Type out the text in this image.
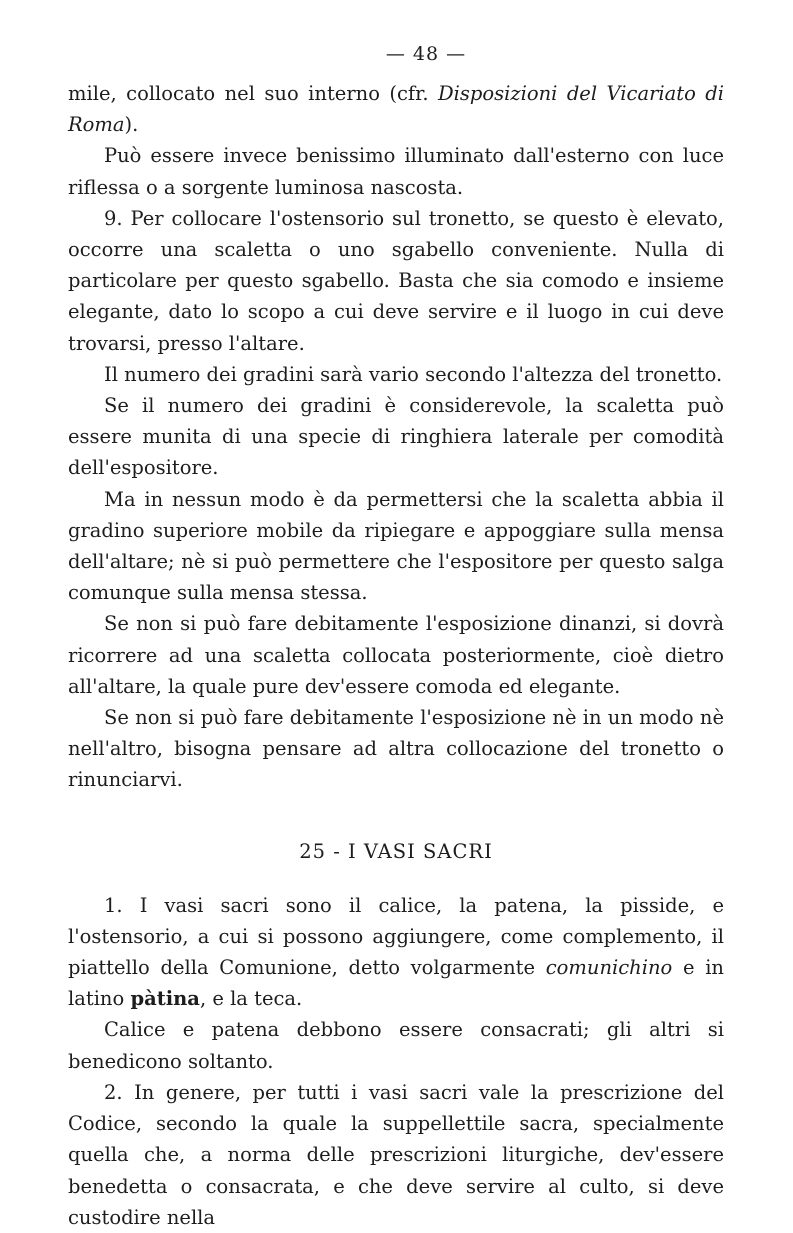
— 48 —

mile, collocato nel suo interno (cfr. Disposizioni del Vicariato di Roma).

Può essere invece benissimo illuminato dall'esterno con luce riflessa o a sorgente luminosa nascosta.

9. Per collocare l'ostensorio sul tronetto, se questo è elevato, occorre una scaletta o uno sgabello conveniente. Nulla di particolare per questo sgabello. Basta che sia comodo e insieme elegante, dato lo scopo a cui deve servire e il luogo in cui deve trovarsi, presso l'altare.

Il numero dei gradini sarà vario secondo l'altezza del tronetto.

Se il numero dei gradini è considerevole, la scaletta può essere munita di una specie di ringhiera laterale per comodità dell'espositore.

Ma in nessun modo è da permettersi che la scaletta abbia il gradino superiore mobile da ripiegare e appoggiare sulla mensa dell'altare; nè si può permettere che l'espositore per questo salga comunque sulla mensa stessa.

Se non si può fare debitamente l'esposizione dinanzi, si dovrà ricorrere ad una scaletta collocata posteriormente, cioè dietro all'altare, la quale pure dev'essere comoda ed elegante.

Se non si può fare debitamente l'esposizione nè in un modo nè nell'altro, bisogna pensare ad altra collocazione del tronetto o rinunciarvi.

25 - I VASI SACRI

1. I vasi sacri sono il calice, la patena, la pisside, e l'ostensorio, a cui si possono aggiungere, come complemento, il piattello della Comunione, detto volgarmente comunichino e in latino pàtina, e la teca.

Calice e patena debbono essere consacrati; gli altri si benedicono soltanto.

2. In genere, per tutti i vasi sacri vale la prescrizione del Codice, secondo la quale la suppellettile sacra, specialmente quella che, a norma delle prescrizioni liturgiche, dev'essere benedetta o consacrata, e che deve servire al culto, si deve custodire nella
